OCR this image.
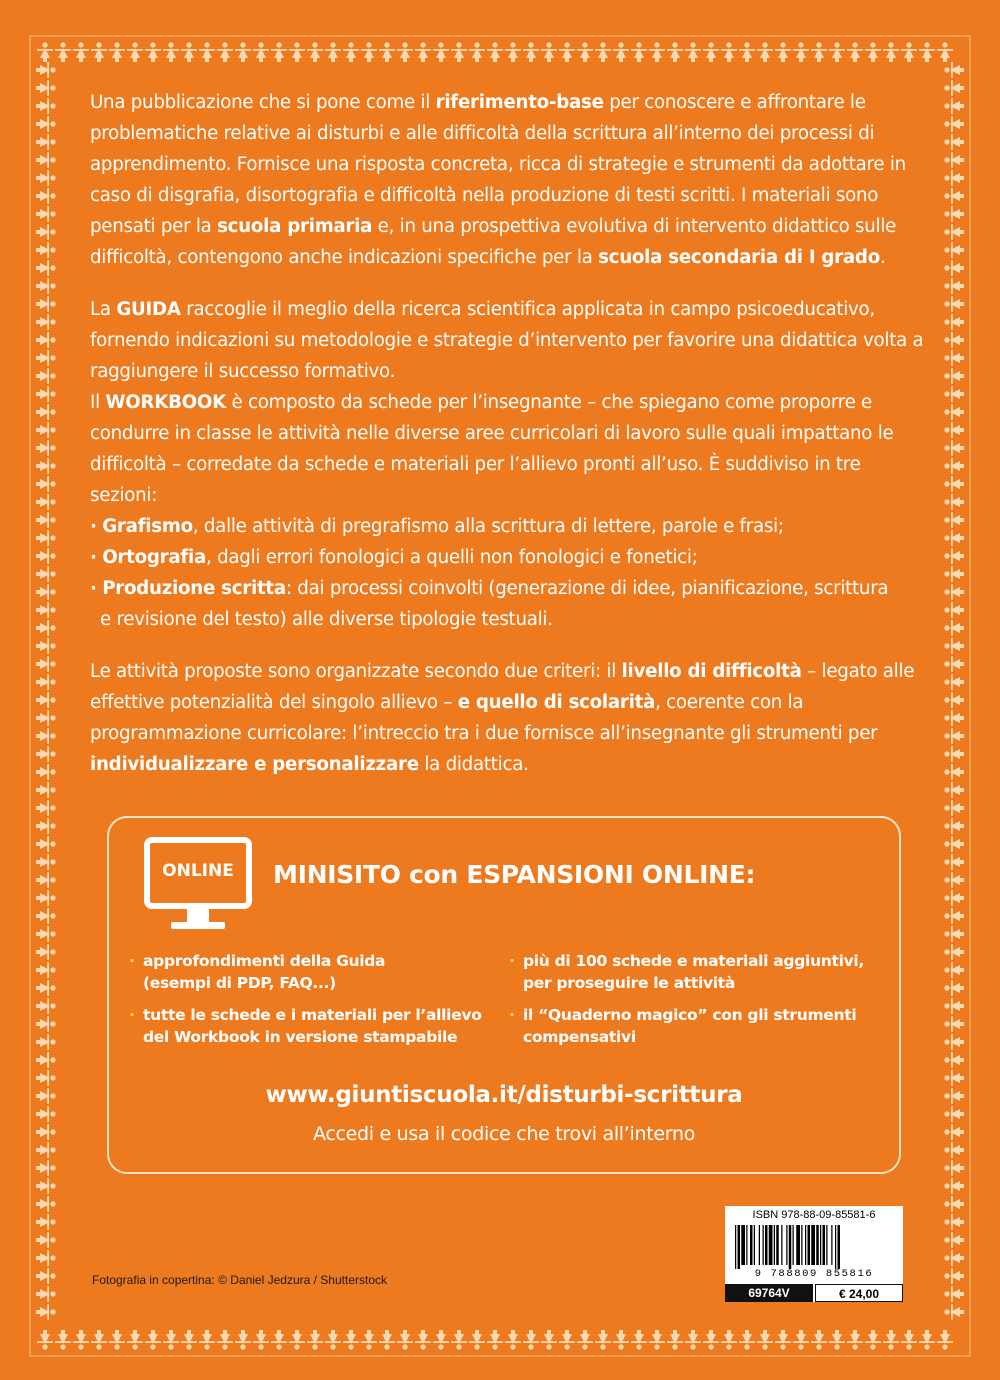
Una pubblicazione che si pone come il riferimento-base per conoscere e affrontare le problematiche relative ai disturbi e alle difficoltà della scrittura all’interno dei processi di apprendimento. Fornisce una risposta concreta, ricca di strategie e strumenti da adottare in caso di disgrafia, disortografia e difficoltà nella produzione di testi scritti. I materiali sono pensati per la scuola primaria e, in una prospettiva evolutiva di intervento didattico sulle difficoltà, contengono anche indicazioni specifiche per la scuola secondaria di I grado.

La GUIDA raccoglie il meglio della ricerca scientifica applicata in campo psicoeducativo, fornendo indicazioni su metodologie e strategie d’intervento per favorire una didattica volta a raggiungere il successo formativo.

Il WORKBOOK è composto da schede per l’insegnante – che spiegano come proporre e condurre in classe le attività nelle diverse aree curricolari di lavoro sulle quali impattano le difficoltà – corredate da schede e materiali per l’allievo pronti all’uso. È suddiviso in tre sezioni:

· Grafismo, dalle attività di pregrafismo alla scrittura di lettere, parole e frasi;
· Ortografia, dagli errori fonologici a quelli non fonologici e fonetici;
· Produzione scritta: dai processi coinvolti (generazione di idee, pianificazione, scrittura
e revisione del testo) alle diverse tipologie testuali.

Le attività proposte sono organizzate secondo due criteri: il livello di difficoltà – legato alle effettive potenzialità del singolo allievo – e quello di scolarità, coerente con la programmazione curricolare: l’intreccio tra i due fornisce all’insegnante gli strumenti per individualizzare e personalizzare la didattica.

ONLINE	MINISITO con ESPANSIONI ONLINE:
· approfondimenti della Guida
(esempi di PDP, FAQ...)
· tutte le schede e i materiali per l’allievo
del Workbook in versione stampabile
· più di 100 schede e materiali aggiuntivi,
per proseguire le attività
· il “Quaderno magico” con gli strumenti
compensativi
www.giuntiscuola.it/disturbi-scrittura
Accedi e usa il codice che trovi all’interno
Fotografia in copertina: © Daniel Jedzura / Shutterstock
ISBN 978-88-09-85581-6
9 788809 855816
69764V	€ 24,00
